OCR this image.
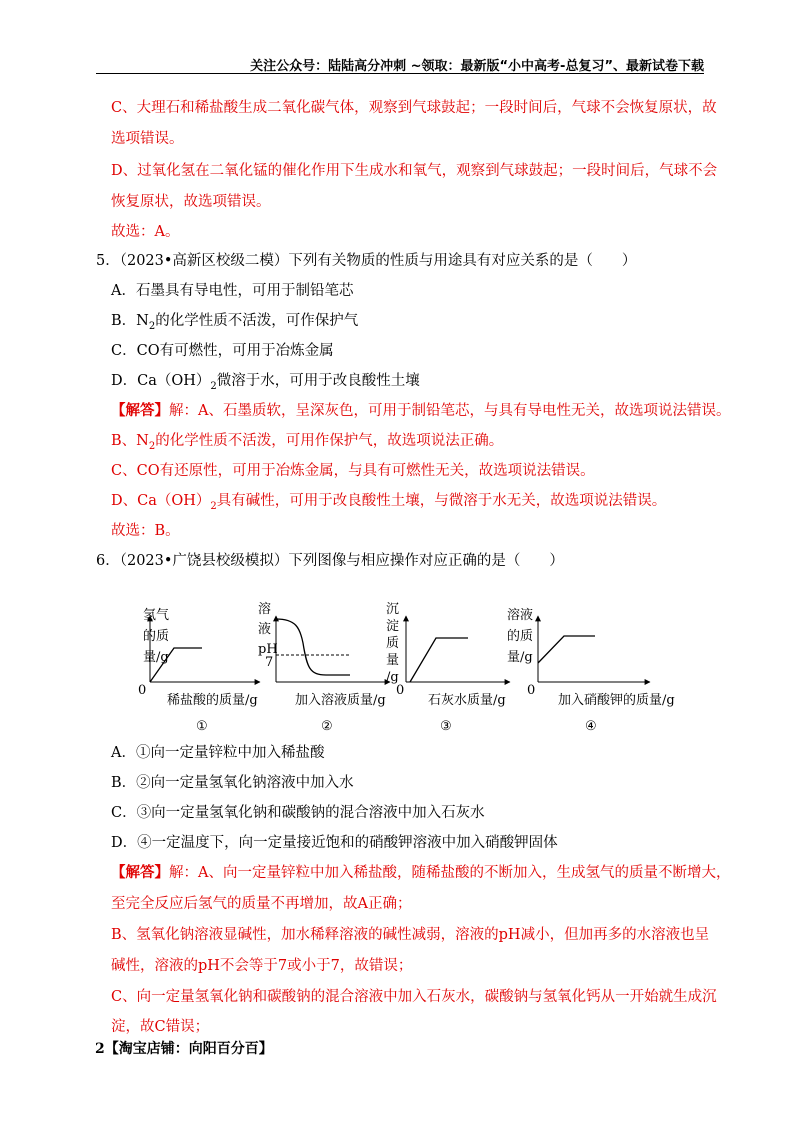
关注公众号：陆陆高分冲刺 ~领取：最新版“小中高考-总复习”、最新试卷下载
C、大理石和稀盐酸生成二氧化碳气体，观察到气球鼓起；一段时间后，气球不会恢复原状，故
选项错误。
D、过氧化氢在二氧化锰的催化作用下生成水和氧气，观察到气球鼓起；一段时间后，气球不会
恢复原状，故选项错误。
故选：A。
5．（2023•高新区校级二模）下列有关物质的性质与用途具有对应关系的是（　　）
A．石墨具有导电性，可用于制铅笔芯
B．$N_2$的化学性质不活泼，可作保护气
C．CO有可燃性，可用于冶炼金属
D．$Ca(OH)_2$微溶于水，可用于改良酸性土壤
【解答】解：A、石墨质软，呈深灰色，可用于制铅笔芯，与具有导电性无关，故选项说法错误。
B、$N_2$的化学性质不活泼，可用作保护气，故选项说法正确。
C、CO有还原性，可用于冶炼金属，与具有可燃性无关，故选项说法错误。
D、$Ca(OH)_2$具有碱性，可用于改良酸性土壤，与微溶于水无关，故选项说法错误。
故选：B。
6．（2023•广饶县校级模拟）下列图像与相应操作对应正确的是（　　）
氢气
的质
量/g
0
稀盐酸的质量/g
①
溶
液
pH
7
加入溶液质量/g
②
沉
淀
质
量
/g
0
石灰水质量/g
③
溶液
的质
量/g
0
加入硝酸钾的质量/g
④
A．①向一定量锌粒中加入稀盐酸
B．②向一定量氢氧化钠溶液中加入水
C．③向一定量氢氧化钠和碳酸钠的混合溶液中加入石灰水
D．④一定温度下，向一定量接近饱和的硝酸钾溶液中加入硝酸钾固体
【解答】解：A、向一定量锌粒中加入稀盐酸，随稀盐酸的不断加入，生成氢气的质量不断增大，
至完全反应后氢气的质量不再增加，故A正确；
B、氢氧化钠溶液显碱性，加水稀释溶液的碱性减弱，溶液的pH减小，但加再多的水溶液也呈
碱性，溶液的pH不会等于7或小于7，故错误；
C、向一定量氢氧化钠和碳酸钠的混合溶液中加入石灰水，碳酸钠与氢氧化钙从一开始就生成沉
淀，故C错误；
2【淘宝店铺：向阳百分百】
